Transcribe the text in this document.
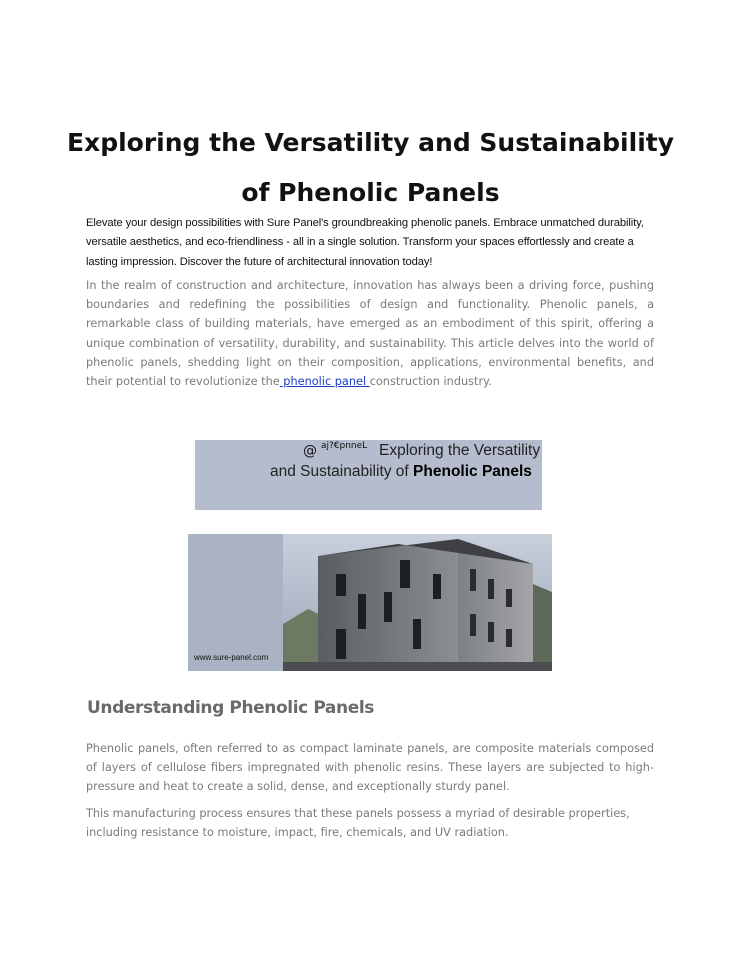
Exploring the Versatility and Sustainability
of Phenolic Panels

Elevate your design possibilities with Sure Panel's groundbreaking phenolic panels. Embrace unmatched durability, versatile aesthetics, and eco-friendliness - all in a single solution. Transform your spaces effortlessly and create a lasting impression. Discover the future of architectural innovation today!

In the realm of construction and architecture, innovation has always been a driving force, pushing boundaries and redefining the possibilities of design and functionality. Phenolic panels, a remarkable class of building materials, have emerged as an embodiment of this spirit, offering a unique combination of versatility, durability, and sustainability. This article delves into the world of phenolic panels, shedding light on their composition, applications, environmental benefits, and their potential to revolutionize the phenolic panel construction industry.

@ aj?€pnneL Exploring the Versatility
and Sustainability of Phenolic Panels
www.sure-panel.com
Understanding Phenolic Panels

Phenolic panels, often referred to as compact laminate panels, are composite materials composed of layers of cellulose fibers impregnated with phenolic resins. These layers are subjected to high-pressure and heat to create a solid, dense, and exceptionally sturdy panel.

This manufacturing process ensures that these panels possess a myriad of desirable properties, including resistance to moisture, impact, fire, chemicals, and UV radiation.
